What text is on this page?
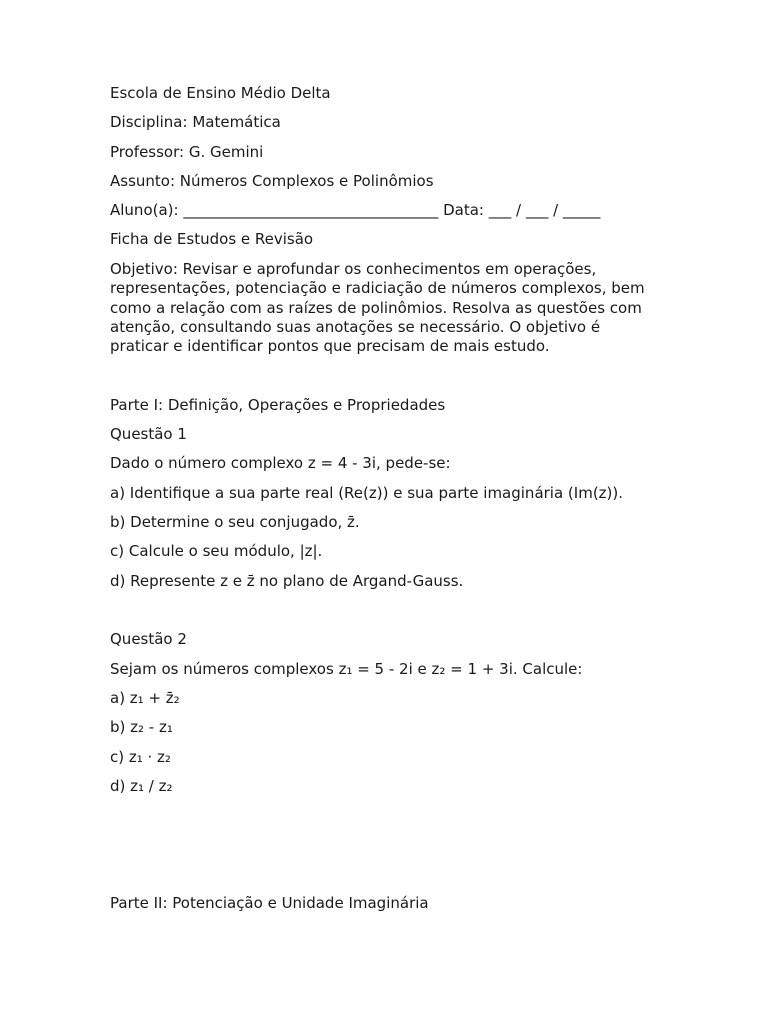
Escola de Ensino Médio Delta

Disciplina: Matemática

Professor: G. Gemini

Assunto: Números Complexos e Polinômios

Aluno(a): __________________________________ Data: ___ / ___ / _____

Ficha de Estudos e Revisão

Objetivo: Revisar e aprofundar os conhecimentos em operações, representações, potenciação e radiciação de números complexos, bem como a relação com as raízes de polinômios. Resolva as questões com atenção, consultando suas anotações se necessário. O objetivo é praticar e identificar pontos que precisam de mais estudo.

Parte I: Definição, Operações e Propriedades

Questão 1

Dado o número complexo z = 4 - 3i, pede-se:

a) Identifique a sua parte real (Re(z)) e sua parte imaginária (Im(z)).

b) Determine o seu conjugado, z̄.

c) Calcule o seu módulo, |z|.

d) Represente z e z̄ no plano de Argand-Gauss.

Questão 2

Sejam os números complexos z₁ = 5 - 2i e z₂ = 1 + 3i. Calcule:

a) z₁ + z̄₂

b) z₂ - z₁

c) z₁ · z₂

d) z₁ / z₂

Parte II: Potenciação e Unidade Imaginária
